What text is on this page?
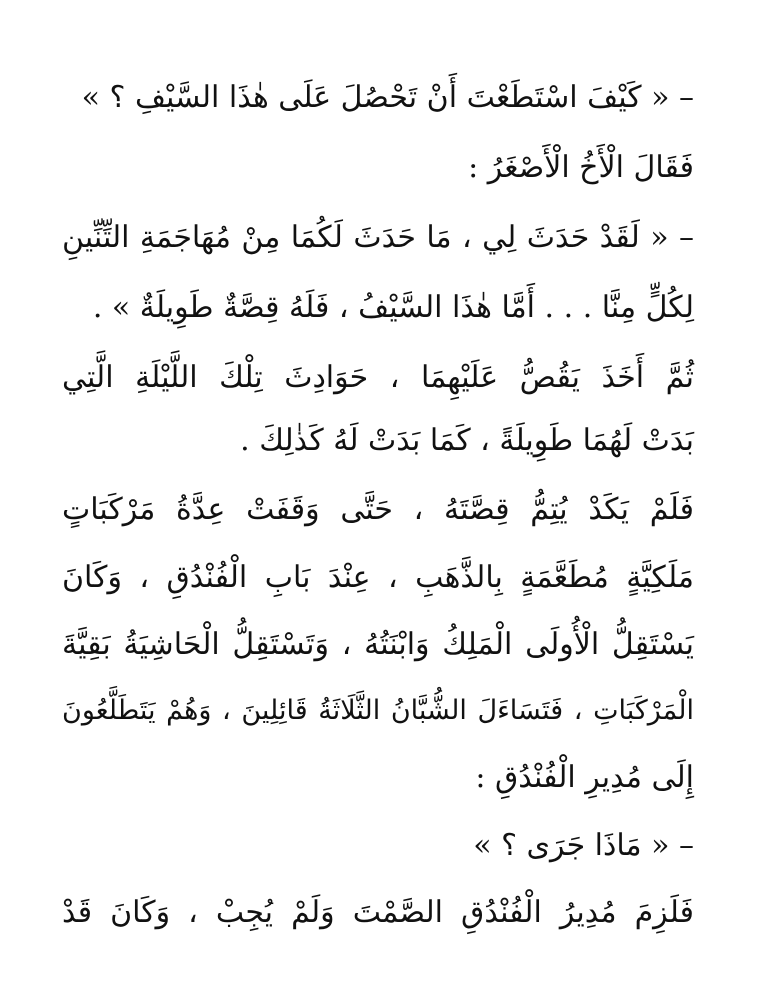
– « كَيْفَ اسْتَطَعْتَ أَنْ تَحْصُلَ عَلَى هٰذَا السَّيْفِ ؟ »
فَقَالَ الْأَخُ الْأَصْغَرُ :
– « لَقَدْ حَدَثَ لِي ، مَا حَدَثَ لَكُمَا مِنْ مُهَاجَمَةِ التِّنِّينِ
لِكُلٍّ مِنَّا . . . أَمَّا هٰذَا السَّيْفُ ، فَلَهُ قِصَّةٌ طَوِيلَةٌ » .
ثُمَّ أَخَذَ يَقُصُّ عَلَيْهِمَا ، حَوَادِثَ تِلْكَ اللَّيْلَةِ الَّتِي
بَدَتْ لَهُمَا طَوِيلَةً ، كَمَا بَدَتْ لَهُ كَذٰلِكَ .
فَلَمْ يَكَدْ يُتِمُّ قِصَّتَهُ ، حَتَّى وَقَفَتْ عِدَّةُ مَرْكَبَاتٍ
مَلَكِيَّةٍ مُطَعَّمَةٍ بِالذَّهَبِ ، عِنْدَ بَابِ الْفُنْدُقِ ، وَكَانَ
يَسْتَقِلُّ الْأُولَى الْمَلِكُ وَابْنَتُهُ ، وَتَسْتَقِلُّ الْحَاشِيَةُ بَقِيَّةَ
الْمَرْكَبَاتِ ، فَتَسَاءَلَ الشُّبَّانُ الثَّلَاثَةُ قَائِلِينَ ، وَهُمْ يَتَطَلَّعُونَ
إِلَى مُدِيرِ الْفُنْدُقِ :
– « مَاذَا جَرَى ؟ »
فَلَزِمَ مُدِيرُ الْفُنْدُقِ الصَّمْتَ وَلَمْ يُجِبْ ، وَكَانَ قَدْ
